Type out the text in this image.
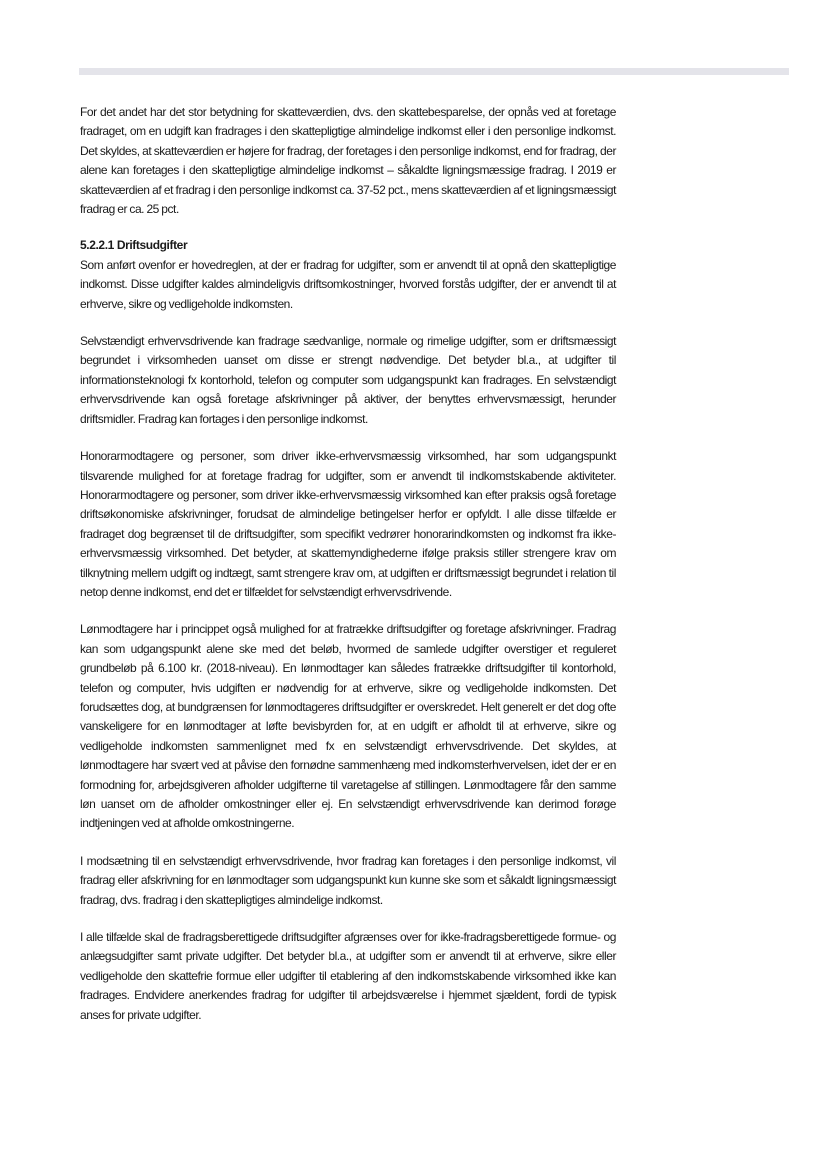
For det andet har det stor betydning for skatteværdien, dvs. den skattebesparelse, der opnås ved at foretage fradraget, om en udgift kan fradrages i den skattepligtige almindelige indkomst eller i den personlige indkomst. Det skyldes, at skatteværdien er højere for fradrag, der foretages i den personlige indkomst, end for fradrag, der alene kan foretages i den skattepligtige almindelige indkomst – såkaldte ligningsmæssige fradrag. I 2019 er skatteværdien af et fradrag i den personlige indkomst ca. 37-52 pct., mens skatteværdien af et ligningsmæssigt fradrag er ca. 25 pct.

5.2.2.1 Driftsudgifter

Som anført ovenfor er hovedreglen, at der er fradrag for udgifter, som er anvendt til at opnå den skattepligtige indkomst. Disse udgifter kaldes almindeligvis driftsomkostninger, hvorved forstås udgifter, der er anvendt til at erhverve, sikre og vedligeholde indkomsten.

Selvstændigt erhvervsdrivende kan fradrage sædvanlige, normale og rimelige udgifter, som er driftsmæssigt begrundet i virksomheden uanset om disse er strengt nødvendige. Det betyder bl.a., at udgifter til informationsteknologi fx kontorhold, telefon og computer som udgangspunkt kan fradrages. En selvstændigt erhvervsdrivende kan også foretage afskrivninger på aktiver, der benyttes erhvervsmæssigt, herunder driftsmidler. Fradrag kan fortages i den personlige indkomst.

Honorarmodtagere og personer, som driver ikke-erhvervsmæssig virksomhed, har som udgangspunkt tilsvarende mulighed for at foretage fradrag for udgifter, som er anvendt til indkomstskabende aktiviteter. Honorarmodtagere og personer, som driver ikke-erhvervsmæssig virksomhed kan efter praksis også foretage driftsøkonomiske afskrivninger, forudsat de almindelige betingelser herfor er opfyldt. I alle disse tilfælde er fradraget dog begrænset til de driftsudgifter, som specifikt vedrører honorarindkomsten og indkomst fra ikke-erhvervsmæssig virksomhed. Det betyder, at skattemyndighederne ifølge praksis stiller strengere krav om tilknytning mellem udgift og indtægt, samt strengere krav om, at udgiften er driftsmæssigt begrundet i relation til netop denne indkomst, end det er tilfældet for selvstændigt erhvervsdrivende.

Lønmodtagere har i princippet også mulighed for at fratrække driftsudgifter og foretage afskrivninger. Fradrag kan som udgangspunkt alene ske med det beløb, hvormed de samlede udgifter overstiger et reguleret grundbeløb på 6.100 kr. (2018-niveau). En lønmodtager kan således fratrække driftsudgifter til kontorhold, telefon og computer, hvis udgiften er nødvendig for at erhverve, sikre og vedligeholde indkomsten. Det forudsættes dog, at bundgrænsen for lønmodtageres driftsudgifter er overskredet. Helt generelt er det dog ofte vanskeligere for en lønmodtager at løfte bevisbyrden for, at en udgift er afholdt til at erhverve, sikre og vedligeholde indkomsten sammenlignet med fx en selvstændigt erhvervsdrivende. Det skyldes, at lønmodtagere har svært ved at påvise den fornødne sammenhæng med indkomsterhvervelsen, idet der er en formodning for, arbejdsgiveren afholder udgifterne til varetagelse af stillingen. Lønmodtagere får den samme løn uanset om de afholder omkostninger eller ej. En selvstændigt erhvervsdrivende kan derimod forøge indtjeningen ved at afholde omkostningerne.

I modsætning til en selvstændigt erhvervsdrivende, hvor fradrag kan foretages i den personlige indkomst, vil fradrag eller afskrivning for en lønmodtager som udgangspunkt kun kunne ske som et såkaldt ligningsmæssigt fradrag, dvs. fradrag i den skattepligtiges almindelige indkomst.

I alle tilfælde skal de fradragsberettigede driftsudgifter afgrænses over for ikke-fradragsberettigede formue- og anlægsudgifter samt private udgifter. Det betyder bl.a., at udgifter som er anvendt til at erhverve, sikre eller vedligeholde den skattefrie formue eller udgifter til etablering af den indkomstskabende virksomhed ikke kan fradrages. Endvidere anerkendes fradrag for udgifter til arbejdsværelse i hjemmet sjældent, fordi de typisk anses for private udgifter.
